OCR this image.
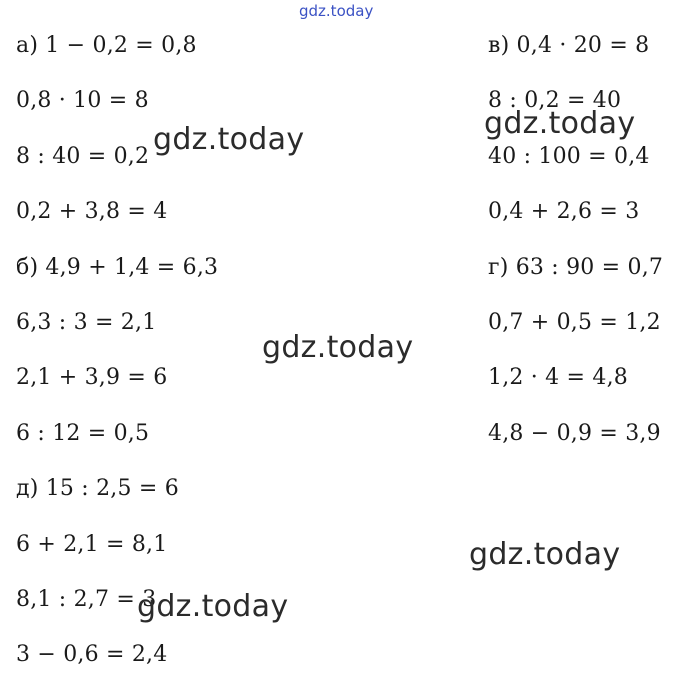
а) 1 − 0,2 = 0,8
0,8 · 10 = 8
8 : 40 = 0,2
0,2 + 3,8 = 4
б) 4,9 + 1,4 = 6,3
6,3 : 3 = 2,1
2,1 + 3,9 = 6
6 : 12 = 0,5
д) 15 : 2,5 = 6
6 + 2,1 = 8,1
8,1 : 2,7 = 3
3 − 0,6 = 2,4
в) 0,4 · 20 = 8
8 : 0,2 = 40
40 : 100 = 0,4
0,4 + 2,6 = 3
г) 63 : 90 = 0,7
0,7 + 0,5 = 1,2
1,2 · 4 = 4,8
4,8 − 0,9 = 3,9
gdz.today
gdz.today	gdz.today
gdz.today
gdz.today
gdz.today
